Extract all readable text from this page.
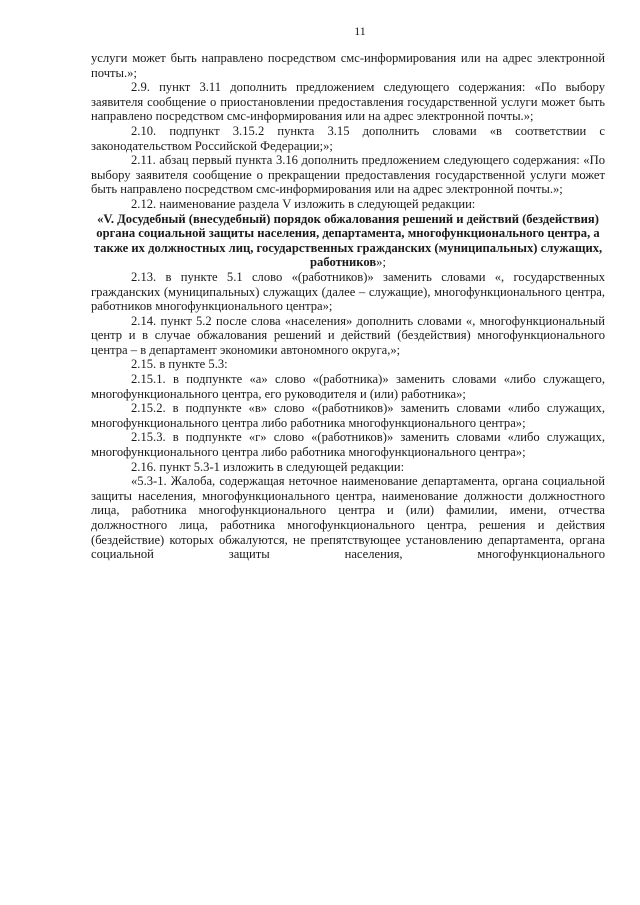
11

услуги может быть направлено посредством смс-информирования или на адрес электронной почты.»;

2.9. пункт 3.11 дополнить предложением следующего содержания: «По выбору заявителя сообщение о приостановлении предоставления государственной услуги может быть направлено посредством смс-информирования или на адрес электронной почты.»;

2.10. подпункт 3.15.2 пункта 3.15 дополнить словами «в соответствии с законодательством Российской Федерации;»;

2.11. абзац первый пункта 3.16 дополнить предложением следующего содержания: «По выбору заявителя сообщение о прекращении предоставления государственной услуги может быть направлено посредством смс-информирования или на адрес электронной почты.»;

2.12. наименование раздела V изложить в следующей редакции:

«V. Досудебный (внесудебный) порядок обжалования решений и действий (бездействия) органа социальной защиты населения, департамента, многофункционального центра, а также их должностных лиц, государственных гражданских (муниципальных) служащих, работников»;

2.13. в пункте 5.1 слово «(работников)» заменить словами «, государственных гражданских (муниципальных) служащих (далее – служащие), многофункционального центра, работников многофункционального центра»;

2.14. пункт 5.2 после слова «населения» дополнить словами «, многофункциональный центр и в случае обжалования решений и действий (бездействия) многофункционального центра – в департамент экономики автономного округа,»;

2.15. в пункте 5.3:

2.15.1. в подпункте «а» слово «(работника)» заменить словами «либо служащего, многофункционального центра, его руководителя и (или) работника»;

2.15.2. в подпункте «в» слово «(работников)» заменить словами «либо служащих, многофункционального центра либо работника многофункционального центра»;

2.15.3. в подпункте «г» слово «(работников)» заменить словами «либо служащих, многофункционального центра либо работника многофункционального центра»;

2.16. пункт 5.3-1 изложить в следующей редакции:

«5.3-1. Жалоба, содержащая неточное наименование департамента, органа социальной защиты населения, многофункционального центра, наименование должности должностного лица, работника многофункционального центра и (или) фамилии, имени, отчества должностного лица, работника многофункционального центра, решения и действия (бездействие) которых обжалуются, не препятствующее установлению департамента, органа социальной защиты населения, многофункционального
